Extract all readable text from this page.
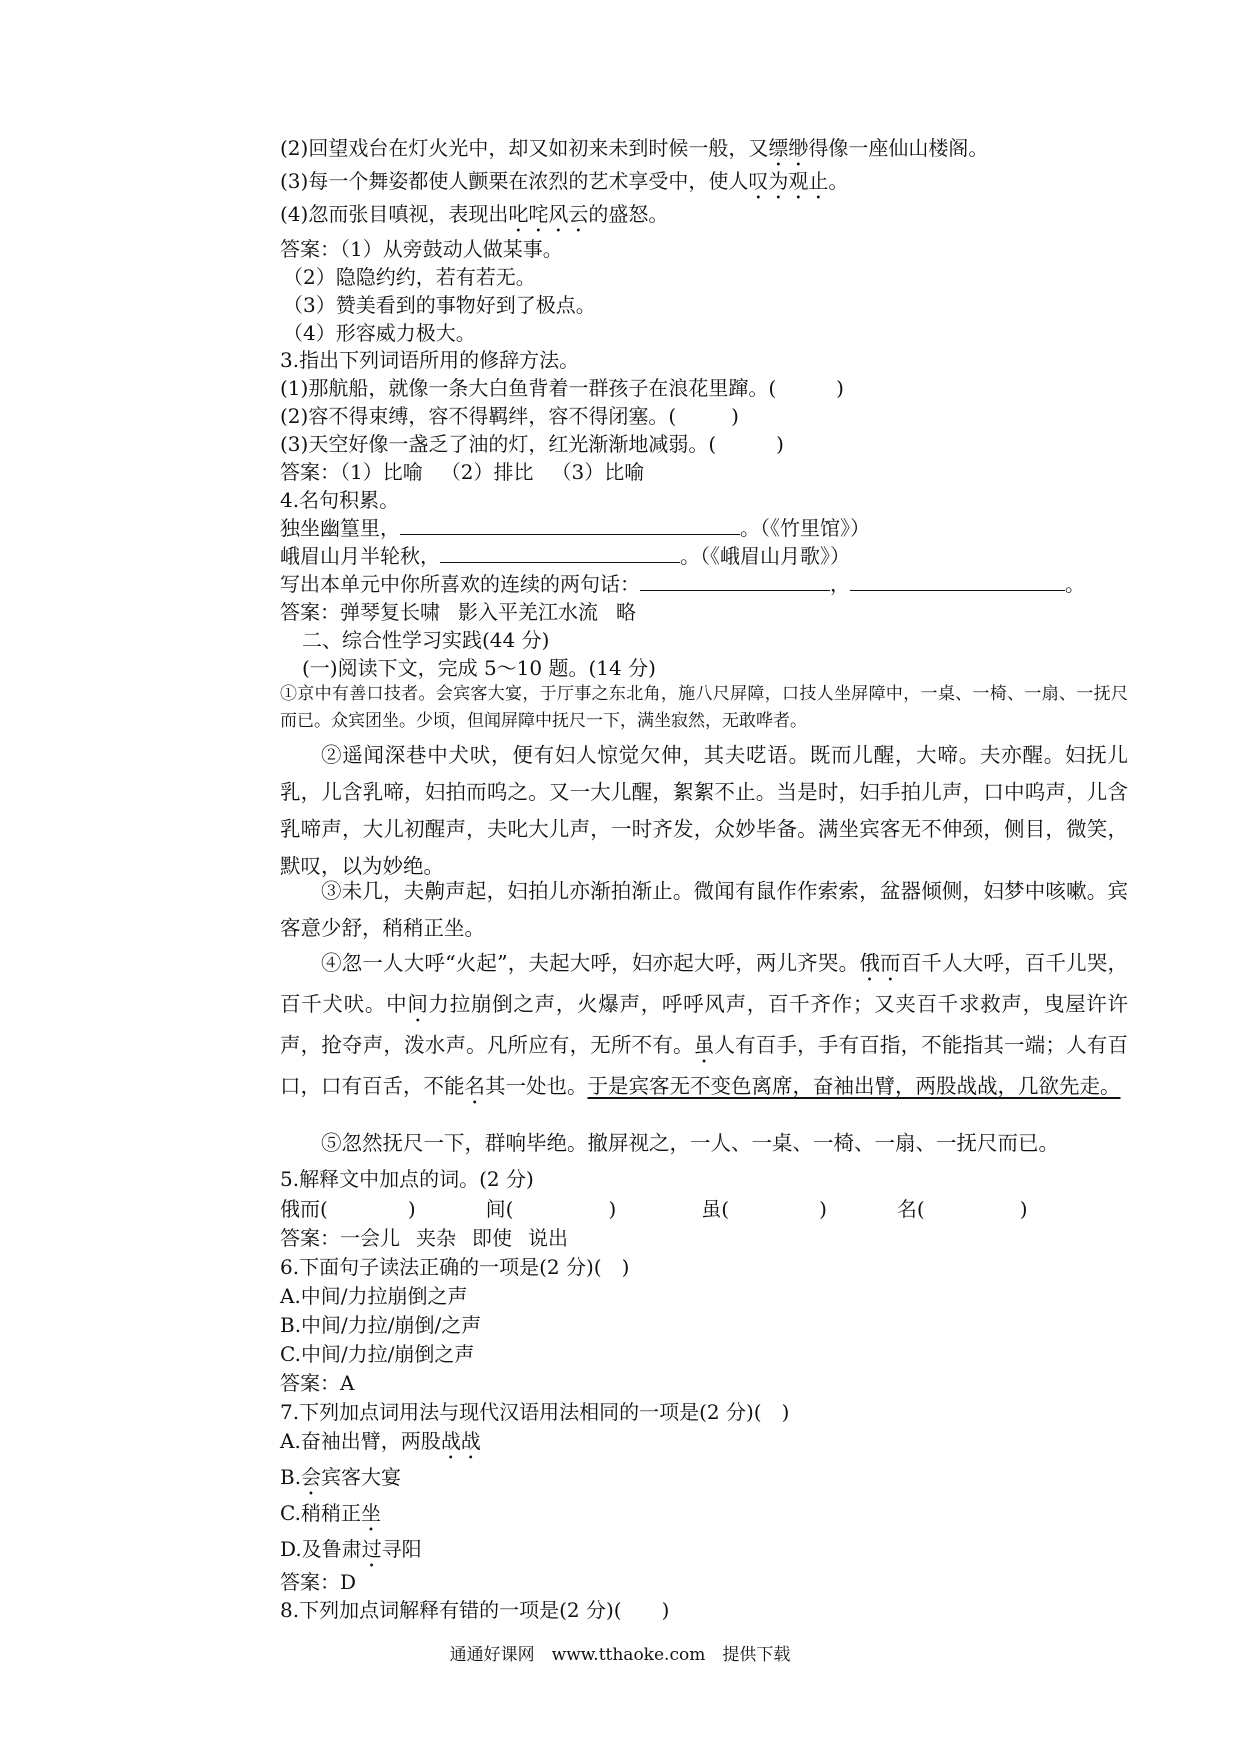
(2)回望戏台在灯火光中，却又如初来未到时候一般，又缥缈得像一座仙山楼阁。
(3)每一个舞姿都使人颤栗在浓烈的艺术享受中，使人叹为观止。
(4)忽而张目嗔视，表现出叱咤风云的盛怒。
答案：（1）从旁鼓动人做某事。
（2）隐隐约约，若有若无。
（3）赞美看到的事物好到了极点。
（4）形容威力极大。
3.指出下列词语所用的修辞方法。
(1)那航船，就像一条大白鱼背着一群孩子在浪花里蹿。(	)
(2)容不得束缚，容不得羁绊，容不得闭塞。(	)
(3)天空好像一盏乏了油的灯，红光渐渐地减弱。(	)
答案：（1）比喻 （2）排比 （3）比喻
4.名句积累。
独坐幽篁里，	。（《竹里馆》）
峨眉山月半轮秋，	。（《峨眉山月歌》）
写出本单元中你所喜欢的连续的两句话：	，	。
答案：弹琴复长啸 影入平羌江水流 略
二、综合性学习实践(44 分)
(一)阅读下文，完成 5～10 题。(14 分)
①京中有善口技者。会宾客大宴，于厅事之东北角，施八尺屏障，口技人坐屏障中，一桌、一椅、一扇、一抚尺而已。众宾团坐。少顷，但闻屏障中抚尺一下，满坐寂然，无敢哗者。
②遥闻深巷中犬吠，便有妇人惊觉欠伸，其夫呓语。既而儿醒，大啼。夫亦醒。妇抚儿乳，儿含乳啼，妇拍而呜之。又一大儿醒，絮絮不止。当是时，妇手拍儿声，口中呜声，儿含乳啼声，大儿初醒声，夫叱大儿声，一时齐发，众妙毕备。满坐宾客无不伸颈，侧目，微笑，默叹，以为妙绝。
③未几，夫齁声起，妇拍儿亦渐拍渐止。微闻有鼠作作索索，盆器倾侧，妇梦中咳嗽。宾客意少舒，稍稍正坐。
④忽一人大呼“火起”，夫起大呼，妇亦起大呼，两儿齐哭。俄而百千人大呼，百千儿哭，百千犬吠。中间力拉崩倒之声，火爆声，呼呼风声，百千齐作；又夹百千求救声，曳屋许许声，抢夺声，泼水声。凡所应有，无所不有。虽人有百手，手有百指，不能指其一端；人有百口，口有百舌，不能名其一处也。于是宾客无不变色离席，奋袖出臂，两股战战，几欲先走。
⑤忽然抚尺一下，群响毕绝。撤屏视之，一人、一桌、一椅、一扇、一抚尺而已。
5.解释文中加点的词。(2 分)
俄而(	)	间(	)	虽(	)	名(	)
答案：一会儿 夹杂 即使 说出
6.下面句子读法正确的一项是(2 分)(　)
A.中间/力拉崩倒之声
B.中间/力拉/崩倒/之声
C.中间/力拉/崩倒之声
答案：A
7.下列加点词用法与现代汉语用法相同的一项是(2 分)(　)
A.奋袖出臂，两股战战
B.会宾客大宴
C.稍稍正坐
D.及鲁肃过寻阳
答案：D
8.下列加点词解释有错的一项是(2 分)(　　)
通通好课网　www.tthaoke.com　提供下载
